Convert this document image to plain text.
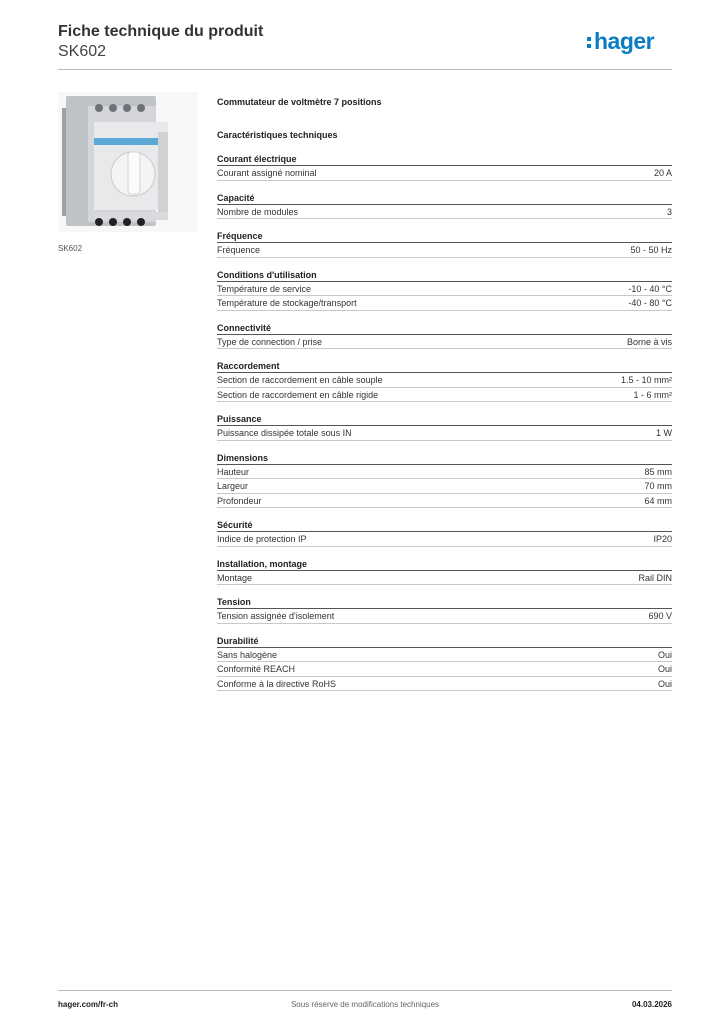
Fiche technique du produit
SK602	hager
SK602
Commutateur de voltmètre 7 positions
Caractéristiques techniques
Courant électrique
Courant assigné nominal	20 A
Capacité
Nombre de modules	3
Fréquence
Fréquence	50 - 50 Hz
Conditions d'utilisation
Température de service	-10 - 40 °C
Température de stockage/transport	-40 - 80 °C
Connectivité
Type de connection / prise	Borne à vis
Raccordement
Section de raccordement en câble souple	1.5 - 10 mm²
Section de raccordement en câble rigide	1 - 6 mm²
Puissance
Puissance dissipée totale sous IN	1 W
Dimensions
Hauteur	85 mm
Largeur	70 mm
Profondeur	64 mm
Sécurité
Indice de protection IP	IP20
Installation, montage
Montage	Rail DIN
Tension
Tension assignée d'isolement	690 V
Durabilité
Sans halogène	Oui
Conformité REACH	Oui
Conforme à la directive RoHS	Oui
hager.com/fr-ch	Sous réserve de modifications techniques	04.03.2026
